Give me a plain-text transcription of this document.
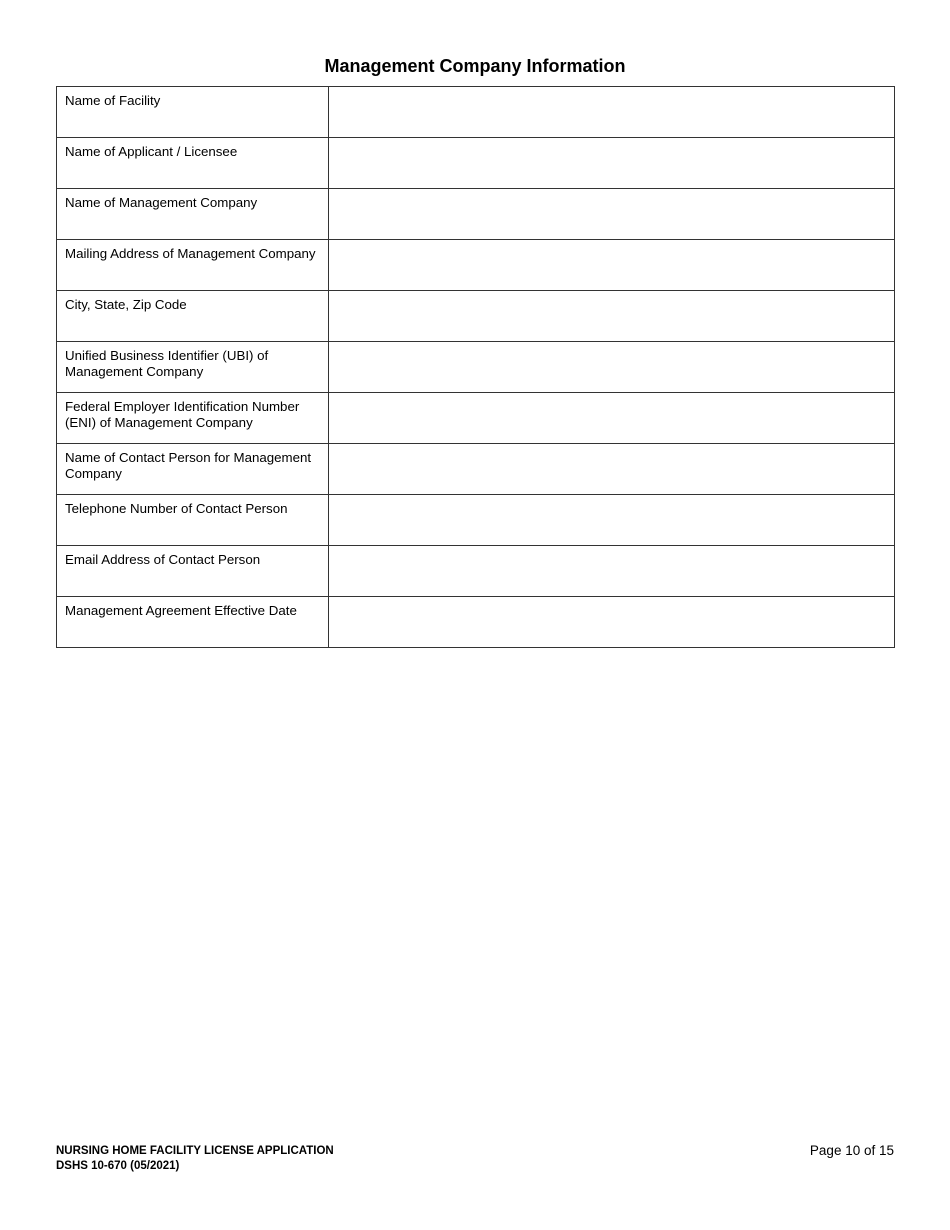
Management Company Information
Name of Facility	
Name of Applicant / Licensee	
Name of Management Company	
Mailing Address of Management Company	
City, State, Zip Code	
Unified Business Identifier (UBI) of Management Company	
Federal Employer Identification Number (ENI) of Management Company	
Name of Contact Person for Management Company	
Telephone Number of Contact Person	
Email Address of Contact Person	
Management Agreement Effective Date	
NURSING HOME FACILITY LICENSE APPLICATION
DSHS 10-670 (05/2021)
Page 10 of 15
